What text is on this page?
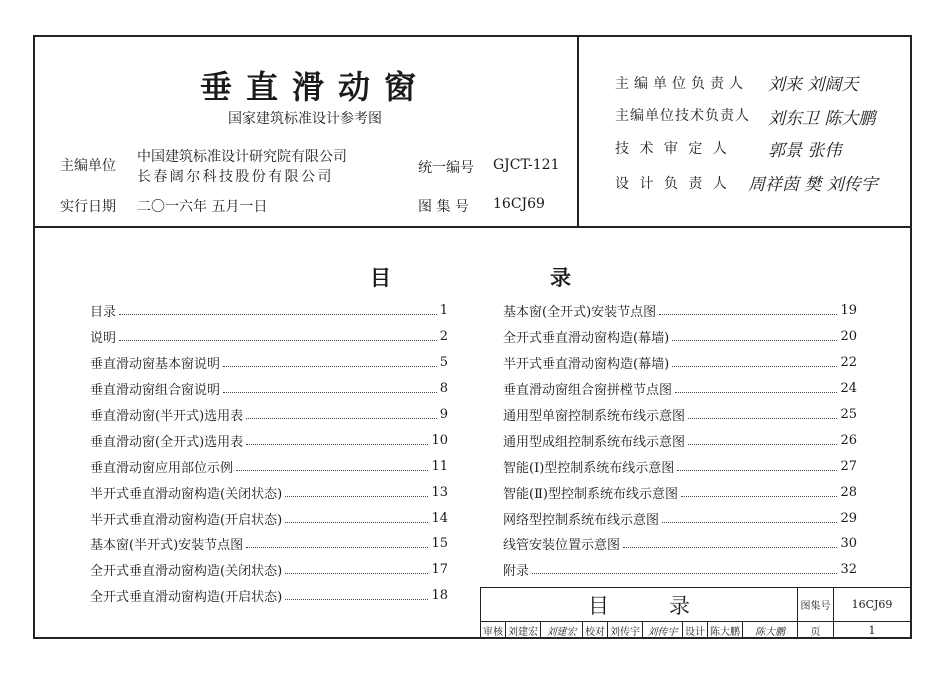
垂直滑动窗
国家建筑标准设计参考图
主编单位
中国建筑标准设计研究院有限公司
长春阔尔科技股份有限公司
统一编号 GJCT-121
实行日期 二〇一六年 五月一日	图 集 号 16CJ69
主编单位负责人 刘来 刘阔天
主编单位技术负责人 刘东卫 陈大鹏
技 术 审 定 人 郭景 张伟
设 计 负 责 人 周祥茵 樊 刘传宇
目	录
目录	1
说明	2
垂直滑动窗基本窗说明	5
垂直滑动窗组合窗说明	8
垂直滑动窗(半开式)选用表	9
垂直滑动窗(全开式)选用表	10
垂直滑动窗应用部位示例	11
半开式垂直滑动窗构造(关闭状态)	13
半开式垂直滑动窗构造(开启状态)	14
基本窗(半开式)安装节点图	15
全开式垂直滑动窗构造(关闭状态)	17
全开式垂直滑动窗构造(开启状态)	18
基本窗(全开式)安装节点图	19
全开式垂直滑动窗构造(幕墙)	20
半开式垂直滑动窗构造(幕墙)	22
垂直滑动窗组合窗拼樘节点图	24
通用型单窗控制系统布线示意图	25
通用型成组控制系统布线示意图	26
智能(Ⅰ)型控制系统布线示意图	27
智能(Ⅱ)型控制系统布线示意图	28
网络型控制系统布线示意图	29
线管安装位置示意图	30
附录	32
目	录	图集号	16CJ69
页	1
审核 刘建宏 刘建宏 校对 刘传宇 刘传宇 设计 陈大鹏	陈大鹏
